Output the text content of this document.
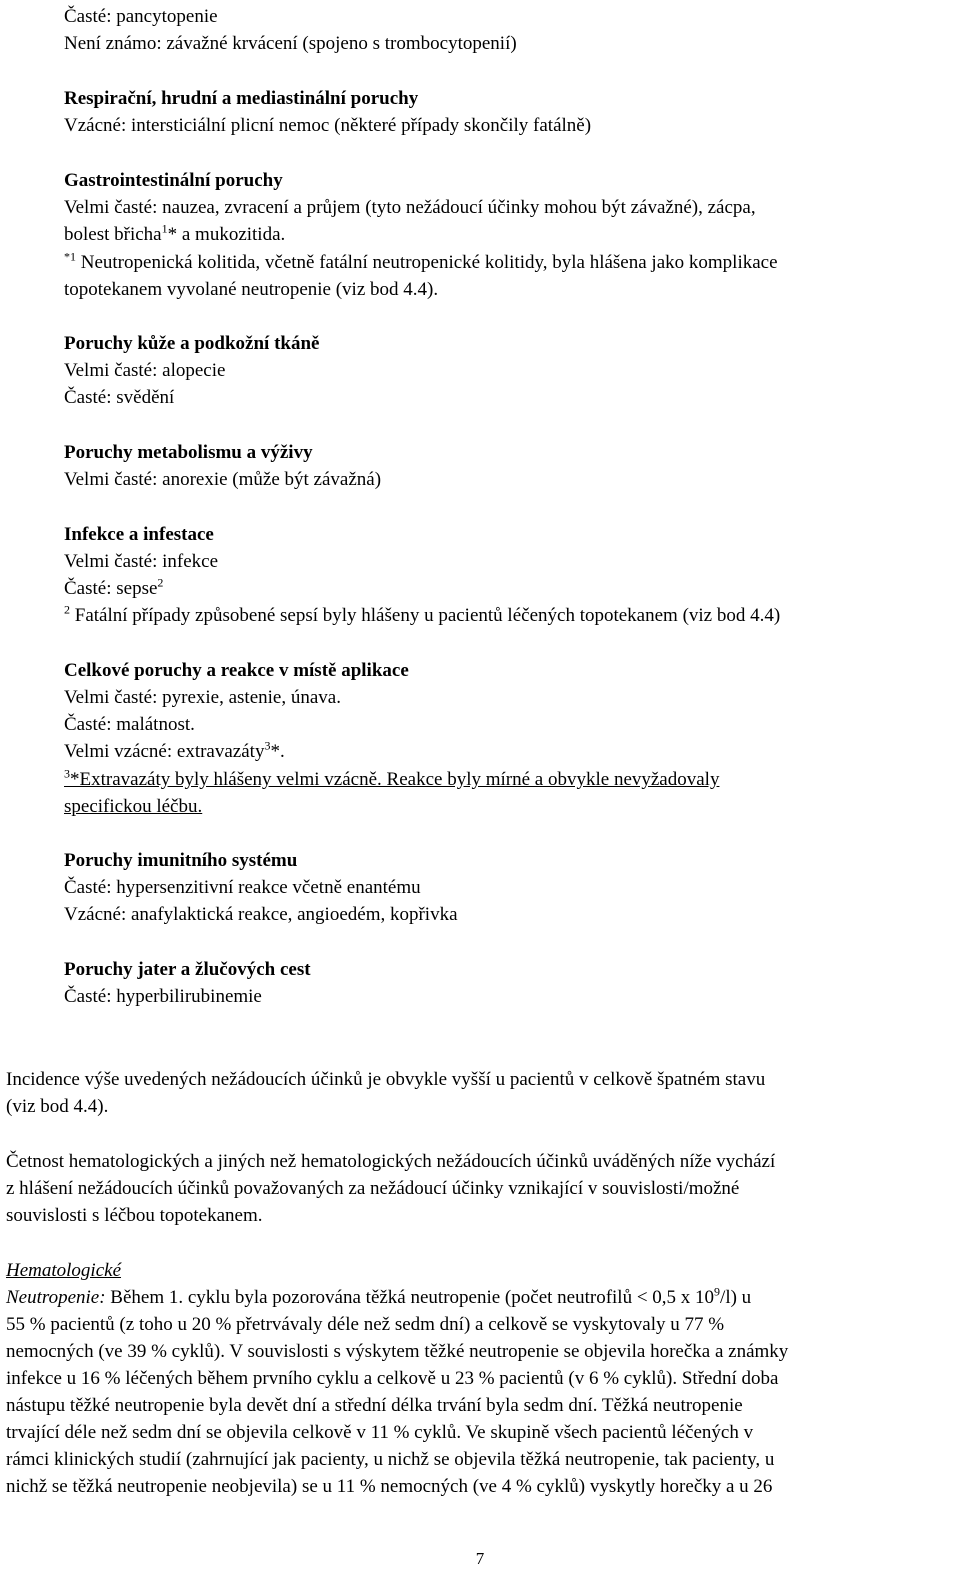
Časté: pancytopenie
Není známo: závažné krvácení (spojeno s trombocytopenií)
Respirační, hrudní a mediastinální poruchy
Vzácné: intersticiální plicní nemoc (některé případy skončily fatálně)
Gastrointestinální poruchy
Velmi časté: nauzea, zvracení a průjem (tyto nežádoucí účinky mohou být závažné), zácpa,
bolest břicha$^1$* a mukozitida.
$^{*1}$ Neutropenická kolitida, včetně fatální neutropenické kolitidy, byla hlášena jako komplikace
topotekanem vyvolané neutropenie (viz bod 4.4).
Poruchy kůže a podkožní tkáně
Velmi časté: alopecie
Časté: svědění
Poruchy metabolismu a výživy
Velmi časté: anorexie (může být závažná)
Infekce a infestace
Velmi časté: infekce
Časté: sepse$^2$
$^2$ Fatální případy způsobené sepsí byly hlášeny u pacientů léčených topotekanem (viz bod 4.4)
Celkové poruchy a reakce v místě aplikace
Velmi časté: pyrexie, astenie, únava.
Časté: malátnost.
Velmi vzácné: extravazáty$^3$*.
$^3$*Extravazáty byly hlášeny velmi vzácně. Reakce byly mírné a obvykle nevyžadovaly
specifickou léčbu.
Poruchy imunitního systému
Časté: hypersenzitivní reakce včetně enantému
Vzácné: anafylaktická reakce, angioedém, kopřivka
Poruchy jater a žlučových cest
Časté: hyperbilirubinemie
Incidence výše uvedených nežádoucích účinků je obvykle vyšší u pacientů v celkově špatném stavu
(viz bod 4.4).
Četnost hematologických a jiných než hematologických nežádoucích účinků uváděných níže vychází
z hlášení nežádoucích účinků považovaných za nežádoucí účinky vznikající v souvislosti/možné
souvislosti s léčbou topotekanem.
Hematologické
Neutropenie: Během 1. cyklu byla pozorována těžká neutropenie (počet neutrofilů < 0,5 x $10^9/l$) u
55 % pacientů (z toho u 20 % přetrvávaly déle než sedm dní) a celkově se vyskytovaly u 77 %
nemocných (ve 39 % cyklů). V souvislosti s výskytem těžké neutropenie se objevila horečka a známky
infekce u 16 % léčených během prvního cyklu a celkově u 23 % pacientů (v 6 % cyklů). Střední doba
nástupu těžké neutropenie byla devět dní a střední délka trvání byla sedm dní. Těžká neutropenie
trvající déle než sedm dní se objevila celkově v 11 % cyklů. Ve skupině všech pacientů léčených v
rámci klinických studií (zahrnující jak pacienty, u nichž se objevila těžká neutropenie, tak pacienty, u
nichž se těžká neutropenie neobjevila) se u 11 % nemocných (ve 4 % cyklů) vyskytly horečky a u 26
7
